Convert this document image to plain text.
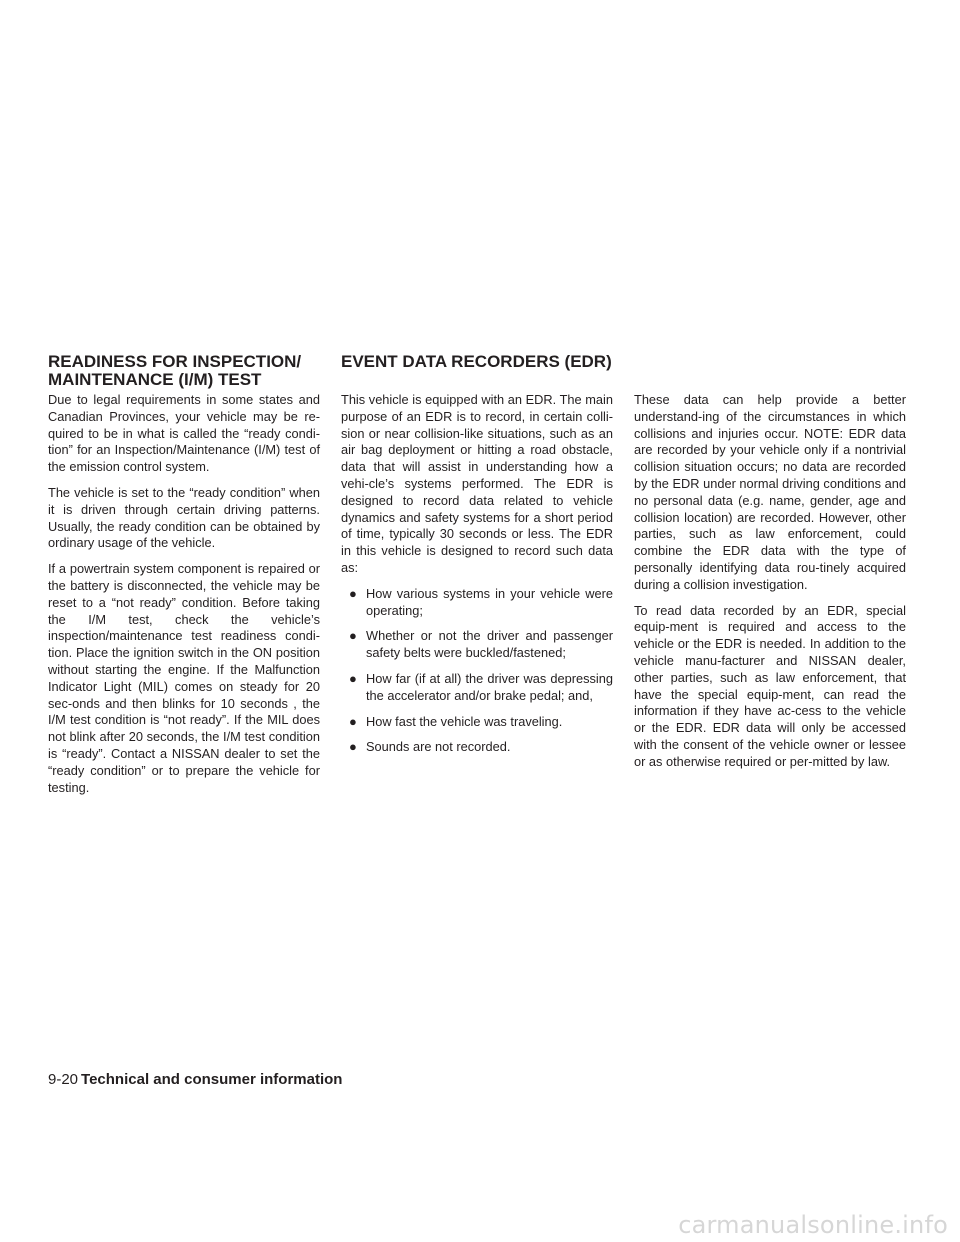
READINESS FOR INSPECTION/ MAINTENANCE (I/M) TEST
EVENT DATA RECORDERS (EDR)

Due to legal requirements in some states and Canadian Provinces, your vehicle may be re-quired to be in what is called the “ready condi-tion” for an Inspection/Maintenance (I/M) test of the emission control system.

The vehicle is set to the “ready condition” when it is driven through certain driving patterns. Usually, the ready condition can be obtained by ordinary usage of the vehicle.

If a powertrain system component is repaired or the battery is disconnected, the vehicle may be reset to a “not ready” condition. Before taking the I/M test, check the vehicle’s inspection/maintenance test readiness condi-tion. Place the ignition switch in the ON position without starting the engine. If the Malfunction Indicator Light (MIL) comes on steady for 20 sec-onds and then blinks for 10 seconds , the I/M test condition is “not ready”. If the MIL does not blink after 20 seconds, the I/M test condition is “ready”. Contact a NISSAN dealer to set the “ready condition” or to prepare the vehicle for testing.

This vehicle is equipped with an EDR. The main purpose of an EDR is to record, in certain colli-sion or near collision-like situations, such as an air bag deployment or hitting a road obstacle, data that will assist in understanding how a vehi-cle’s systems performed. The EDR is designed to record data related to vehicle dynamics and safety systems for a short period of time, typically 30 seconds or less. The EDR in this vehicle is designed to record such data as:

● How various systems in your vehicle were operating;
● Whether or not the driver and passenger safety belts were buckled/fastened;
● How far (if at all) the driver was depressing the accelerator and/or brake pedal; and,
● How fast the vehicle was traveling.
● Sounds are not recorded.

These data can help provide a better understand-ing of the circumstances in which collisions and injuries occur. NOTE: EDR data are recorded by your vehicle only if a nontrivial collision situation occurs; no data are recorded by the EDR under normal driving conditions and no personal data (e.g. name, gender, age and collision location) are recorded. However, other parties, such as law enforcement, could combine the EDR data with the type of personally identifying data rou-tinely acquired during a collision investigation.

To read data recorded by an EDR, special equip-ment is required and access to the vehicle or the EDR is needed. In addition to the vehicle manu-facturer and NISSAN dealer, other parties, such as law enforcement, that have the special equip-ment, can read the information if they have ac-cess to the vehicle or the EDR. EDR data will only be accessed with the consent of the vehicle owner or lessee or as otherwise required or per-mitted by law.

9-20 Technical and consumer information
carmanualsonline.info
